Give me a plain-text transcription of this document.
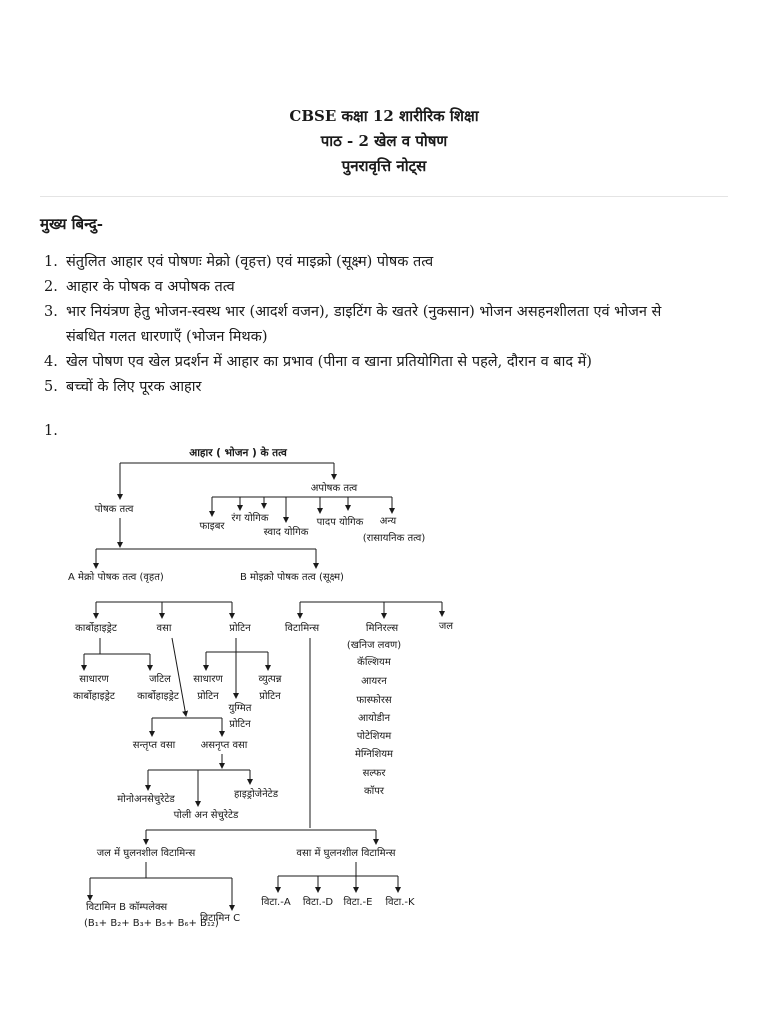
CBSE कक्षा 12 शारीरिक शिक्षा
पाठ - 2 खेल व पोषण
पुनरावृत्ति नोट्स
मुख्य बिन्दु-
1. संतुलित आहार एवं पोषणः मेक्रो (वृहत्त) एवं माइक्रो (सूक्ष्म) पोषक तत्व
2. आहार के पोषक व अपोषक तत्व
3. भार नियंत्रण हेतु भोजन-स्वस्थ भार (आदर्श वजन), डाइटिंग के खतरे (नुकसान) भोजन असहनशीलता एवं भोजन से संबधित गलत धारणाएँ (भोजन मिथक)
4. खेल पोषण एव खेल प्रदर्शन में आहार का प्रभाव (पीना व खाना प्रतियोगिता से पहले, दौरान व बाद में)
5. बच्चों के लिए पूरक आहार
1.
आहार ( भोजन ) के तत्व
पोषक तत्व
अपोषक तत्व
फाइबर
रंग योगिक
स्वाद योगिक
पादप योगिक अन्य
(रासायनिक तत्व)
A मेक्रो पोषक तत्व (वृहत)	B मोइक्रो पोषक तत्व (सूक्ष्म)
कार्बोहाइड्रेट	वसा	प्रोटिन	विटामिन्स	मिनिरल्स
(खनिज लवण)
जल
साधारण
कार्बोहाइड्रेट
जटिल
कार्बोहाइड्रेट
साधारण
प्रोटिन
युग्मित
प्रोटिन
व्युत्पन्न
प्रोटिन
कॅल्शियम
आयरन
फास्फोरस
आयोडीन
पोटेशियम
मेग्निशियम
सल्फर
कॉपर
सन्तृप्त वसा	असनृप्त वसा
मोनोअनसेचुरेटेड
पोली अन सेचुरेटेड
हाइड्रोजेनेटेड
जल में घुलनशील विटामिन्स	वसा में घुलनशील विटामिन्स
विटामिन B कॉम्पलेक्स
(B₁+ B₂+ B₃+ B₅+ B₆+ B₁₂)
विटामिन C
विटा.-A विटा.-D विटा.-E विटा.-K
